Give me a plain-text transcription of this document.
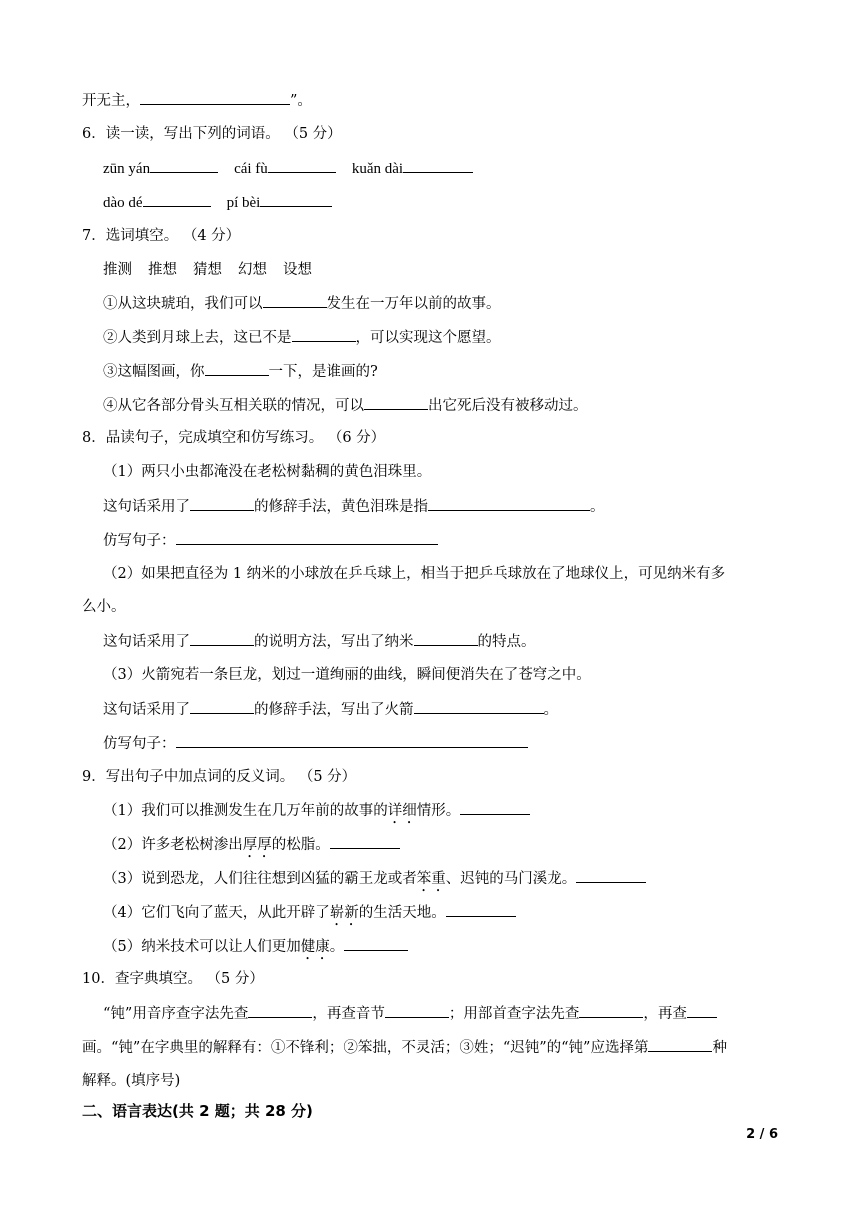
开无主，	”。
6．读一读，写出下列的词语。 （5 分）
zūn yán	cái fù	kuǎn dài
dào dé	pí bèi
7．选词填空。 （4 分）
推测 推想 猜想 幻想 设想
①从这块琥珀，我们可以	发生在一万年以前的故事。
②人类到月球上去，这已不是	，可以实现这个愿望。
③这幅图画，你	一下，是谁画的?
④从它各部分骨头互相关联的情况，可以	出它死后没有被移动过。
8．品读句子，完成填空和仿写练习。 （6 分）
（1）两只小虫都淹没在老松树黏稠的黄色泪珠里。
这句话采用了	的修辞手法，黄色泪珠是指	。
仿写句子：
（2）如果把直径为 1 纳米的小球放在乒乓球上，相当于把乒乓球放在了地球仪上，可见纳米有多
么小。
这句话采用了	的说明方法，写出了纳米	的特点。
（3）火箭宛若一条巨龙，划过一道绚丽的曲线，瞬间便消失在了苍穹之中。
这句话采用了	的修辞手法，写出了火箭	。
仿写句子：
9．写出句子中加点词的反义词。 （5 分）
（1）我们可以推测发生在几万年前的故事的详细情形。
（2）许多老松树渗出厚厚的松脂。
（3）说到恐龙，人们往往想到凶猛的霸王龙或者笨重、迟钝的马门溪龙。
（4）它们飞向了蓝天，从此开辟了崭新的生活天地。
（5）纳米技术可以让人们更加健康。
10．查字典填空。 （5 分）
“钝”用音序查字法先查	，再查音节	；用部首查字法先查	，再查
画。“钝”在字典里的解释有：①不锋利；②笨拙，不灵活；③姓；“迟钝”的“钝”应选择第	种
解释。(填序号)
二、语言表达(共 2 题；共 28 分)
2 / 6
